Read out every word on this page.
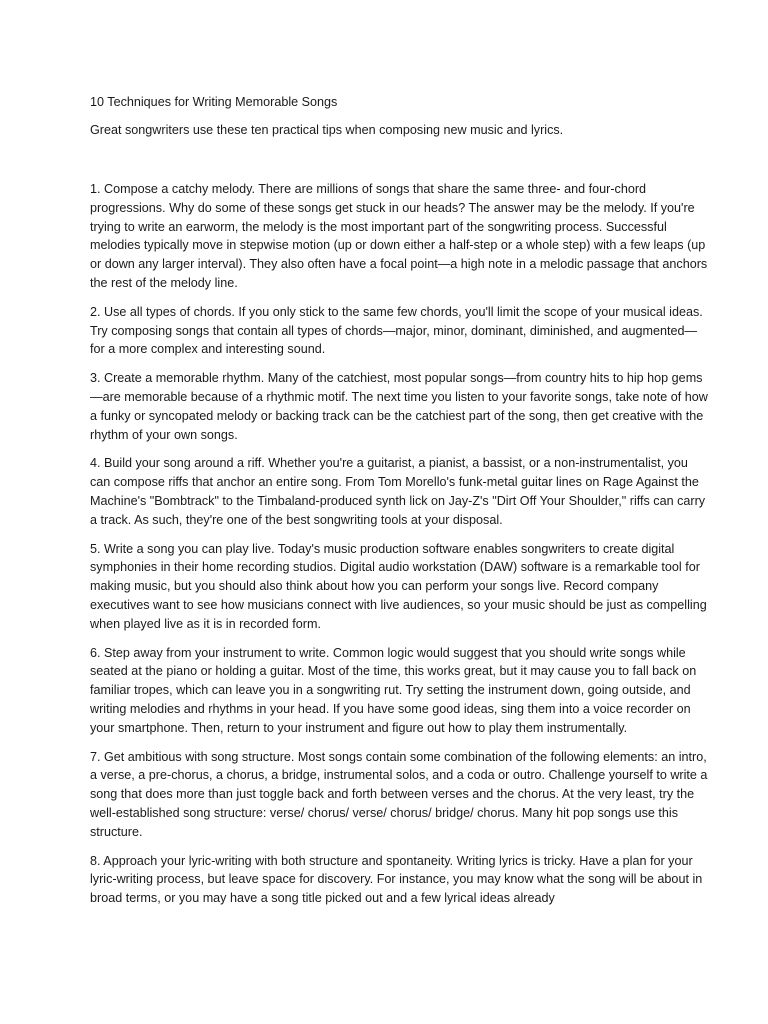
10 Techniques for Writing Memorable Songs

Great songwriters use these ten practical tips when composing new music and lyrics.

1. Compose a catchy melody. There are millions of songs that share the same three- and four-chord progressions. Why do some of these songs get stuck in our heads? The answer may be the melody. If you're trying to write an earworm, the melody is the most important part of the songwriting process. Successful melodies typically move in stepwise motion (up or down either a half-step or a whole step) with a few leaps (up or down any larger interval). They also often have a focal point—a high note in a melodic passage that anchors the rest of the melody line.

2. Use all types of chords. If you only stick to the same few chords, you'll limit the scope of your musical ideas. Try composing songs that contain all types of chords—major, minor, dominant, diminished, and augmented—for a more complex and interesting sound.

3. Create a memorable rhythm. Many of the catchiest, most popular songs—from country hits to hip hop gems—are memorable because of a rhythmic motif. The next time you listen to your favorite songs, take note of how a funky or syncopated melody or backing track can be the catchiest part of the song, then get creative with the rhythm of your own songs.

4. Build your song around a riff. Whether you're a guitarist, a pianist, a bassist, or a non-instrumentalist, you can compose riffs that anchor an entire song. From Tom Morello's funk-metal guitar lines on Rage Against the Machine's "Bombtrack" to the Timbaland-produced synth lick on Jay-Z's "Dirt Off Your Shoulder," riffs can carry a track. As such, they're one of the best songwriting tools at your disposal.

5. Write a song you can play live. Today's music production software enables songwriters to create digital symphonies in their home recording studios. Digital audio workstation (DAW) software is a remarkable tool for making music, but you should also think about how you can perform your songs live. Record company executives want to see how musicians connect with live audiences, so your music should be just as compelling when played live as it is in recorded form.

6. Step away from your instrument to write. Common logic would suggest that you should write songs while seated at the piano or holding a guitar. Most of the time, this works great, but it may cause you to fall back on familiar tropes, which can leave you in a songwriting rut. Try setting the instrument down, going outside, and writing melodies and rhythms in your head. If you have some good ideas, sing them into a voice recorder on your smartphone. Then, return to your instrument and figure out how to play them instrumentally.

7. Get ambitious with song structure. Most songs contain some combination of the following elements: an intro, a verse, a pre-chorus, a chorus, a bridge, instrumental solos, and a coda or outro. Challenge yourself to write a song that does more than just toggle back and forth between verses and the chorus. At the very least, try the well-established song structure: verse/ chorus/ verse/ chorus/ bridge/ chorus. Many hit pop songs use this structure.

8. Approach your lyric-writing with both structure and spontaneity. Writing lyrics is tricky. Have a plan for your lyric-writing process, but leave space for discovery. For instance, you may know what the song will be about in broad terms, or you may have a song title picked out and a few lyrical ideas already
